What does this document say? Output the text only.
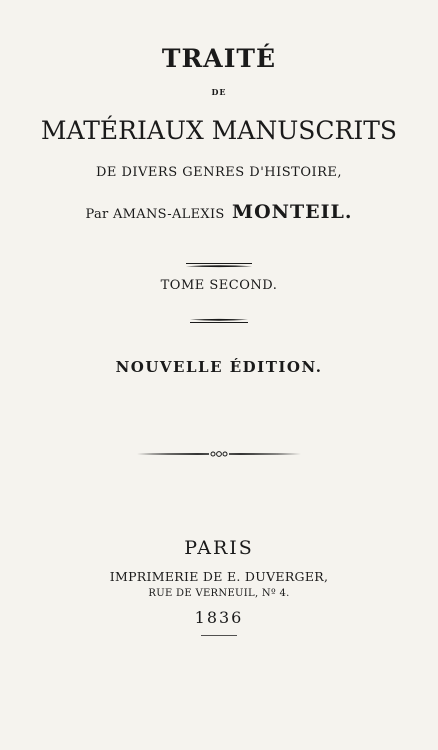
TRAITÉ
DE
MATÉRIAUX MANUSCRITS
DE DIVERS GENRES D'HISTOIRE,
Par AMANS-ALEXIS MONTEIL.
TOME SECOND.
NOUVELLE ÉDITION.
PARIS
IMPRIMERIE DE E. DUVERGER,
RUE DE VERNEUIL, Nº 4.
1836
